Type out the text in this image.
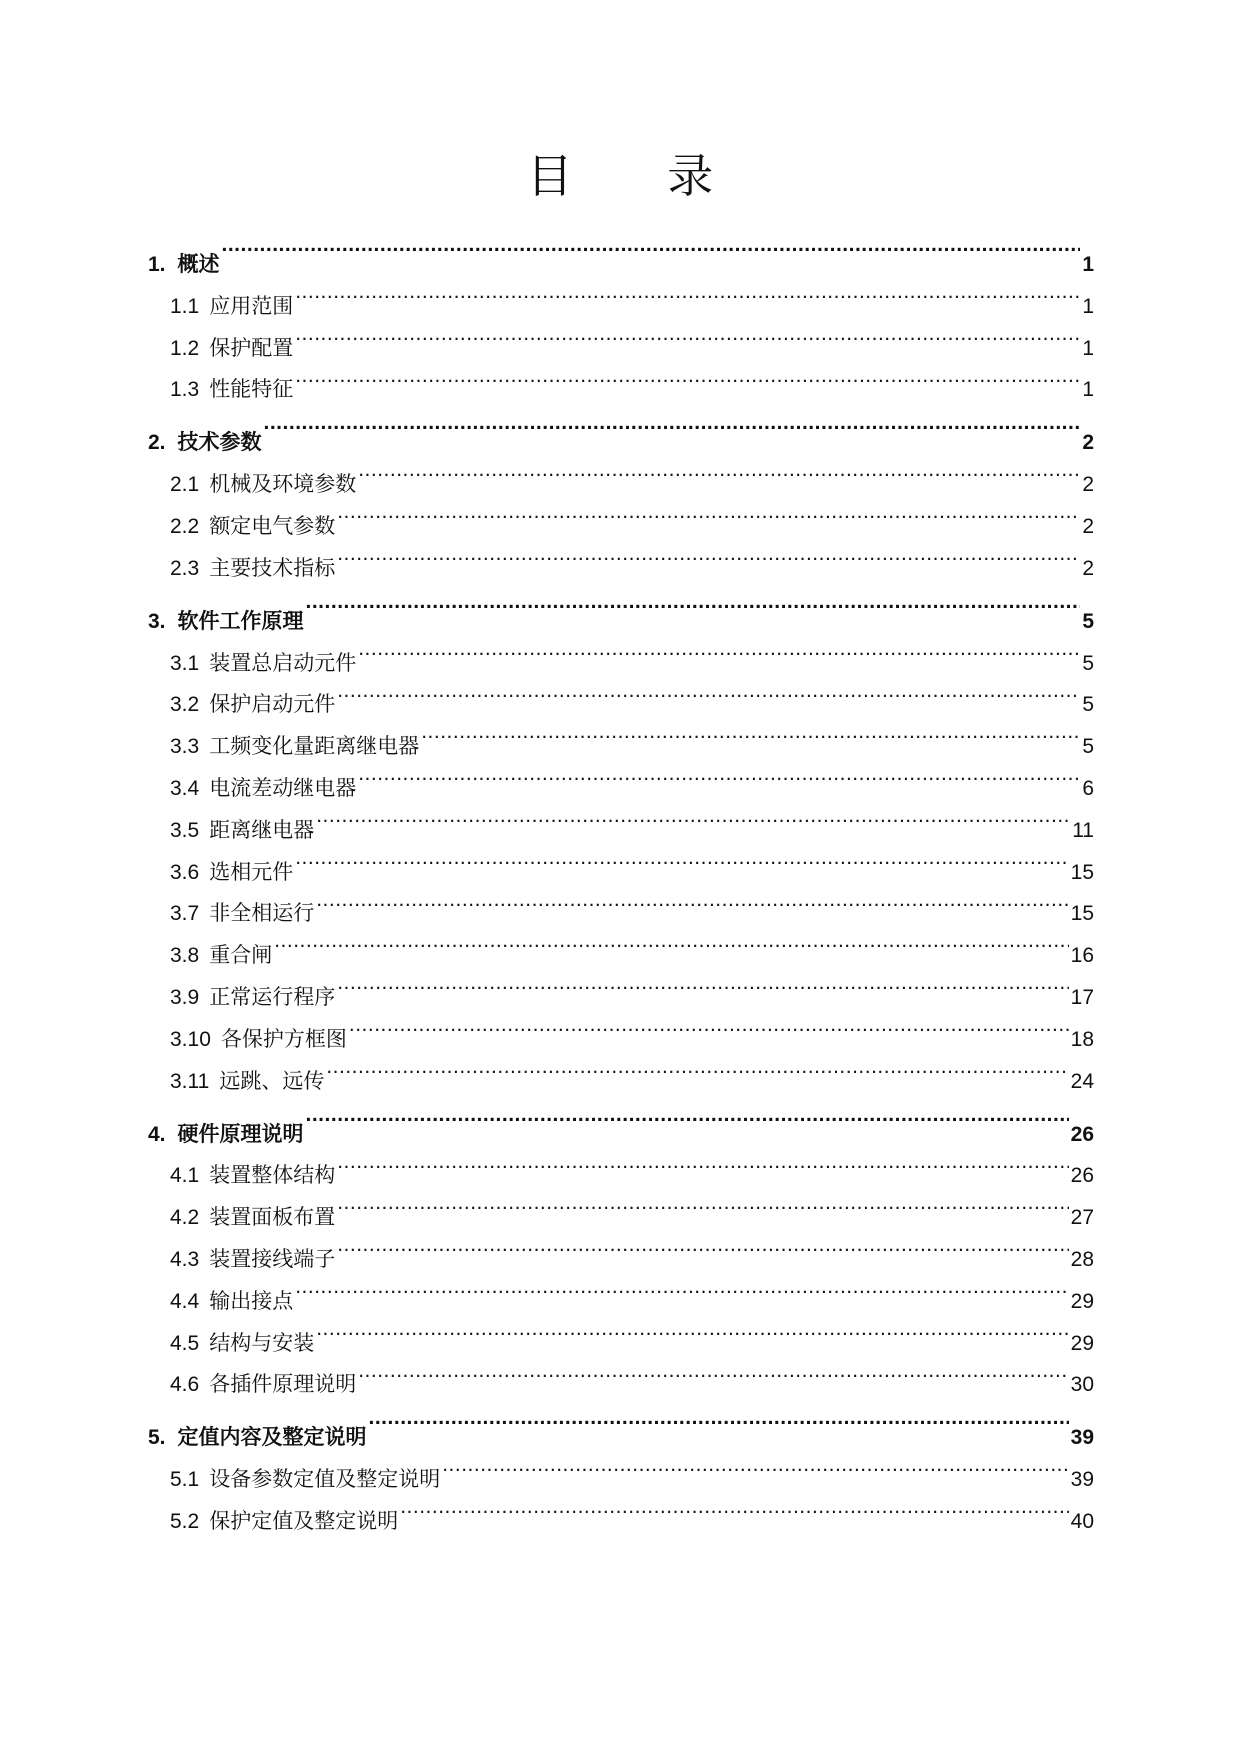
目 录
1. 概述 .....	1
1.1 应用范围 .....	1
1.2 保护配置 .....	1
1.3 性能特征 .....	1
2. 技术参数 .....	2
2.1 机械及环境参数 .....	2
2.2 额定电气参数 .....	2
2.3 主要技术指标 .....	2
3. 软件工作原理 .....	5
3.1 装置总启动元件 .....	5
3.2 保护启动元件 .....	5
3.3 工频变化量距离继电器 .....	5
3.4 电流差动继电器 .....	6
3.5 距离继电器 .....	11
3.6 选相元件 .....	15
3.7 非全相运行 .....	15
3.8 重合闸 .....	16
3.9 正常运行程序 .....	17
3.10 各保护方框图 .....	18
3.11 远跳、远传 .....	24
4. 硬件原理说明 .....	26
4.1 装置整体结构 .....	26
4.2 装置面板布置 .....	27
4.3 装置接线端子 .....	28
4.4 输出接点 .....	29
4.5 结构与安装 .....	29
4.6 各插件原理说明 .....	30
5. 定值内容及整定说明 .....	39
5.1 设备参数定值及整定说明 .....	39
5.2 保护定值及整定说明 .....	40
